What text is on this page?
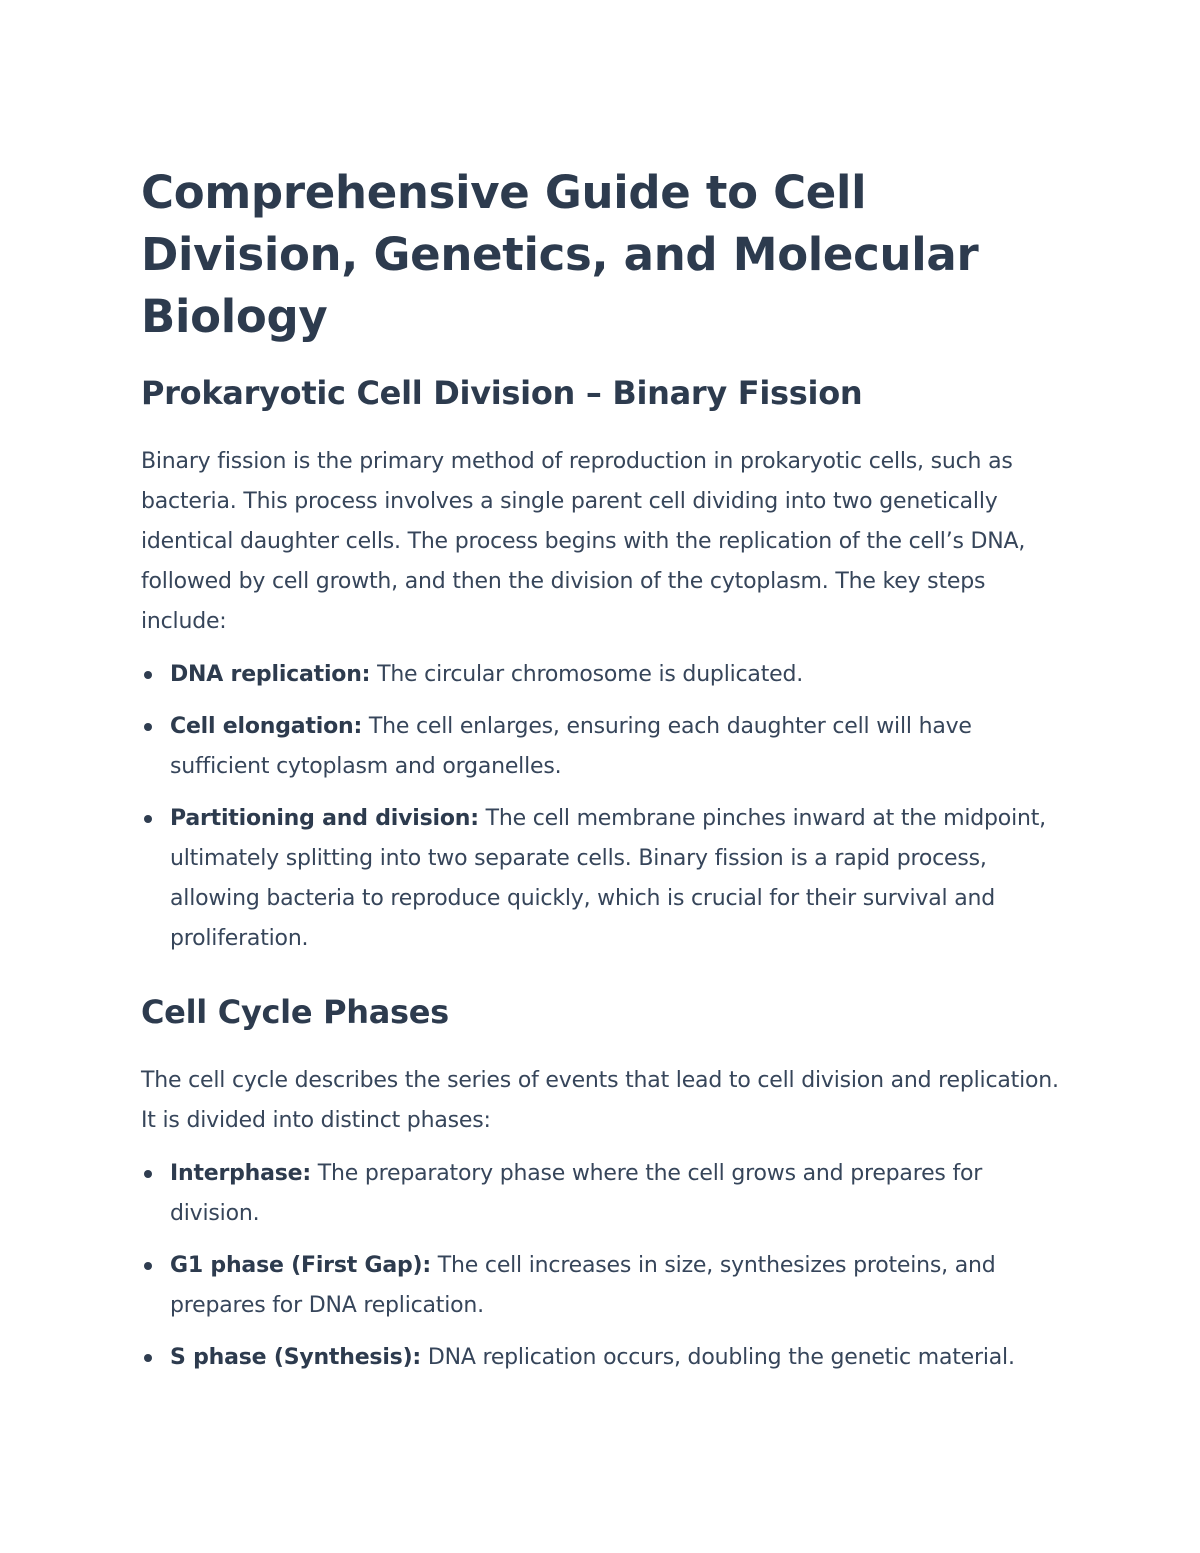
Comprehensive Guide to Cell Division, Genetics, and Molecular Biology
Prokaryotic Cell Division – Binary Fission

Binary fission is the primary method of reproduction in prokaryotic cells, such as bacteria. This process involves a single parent cell dividing into two genetically identical daughter cells. The process begins with the replication of the cell’s DNA, followed by cell growth, and then the division of the cytoplasm. The key steps include:

DNA replication: The circular chromosome is duplicated.
Cell elongation: The cell enlarges, ensuring each daughter cell will have sufficient cytoplasm and organelles.
Partitioning and division: The cell membrane pinches inward at the midpoint, ultimately splitting into two separate cells. Binary fission is a rapid process, allowing bacteria to reproduce quickly, which is crucial for their survival and proliferation.
Cell Cycle Phases

The cell cycle describes the series of events that lead to cell division and replication. It is divided into distinct phases:

Interphase: The preparatory phase where the cell grows and prepares for division.
G1 phase (First Gap): The cell increases in size, synthesizes proteins, and prepares for DNA replication.
S phase (Synthesis): DNA replication occurs, doubling the genetic material.
